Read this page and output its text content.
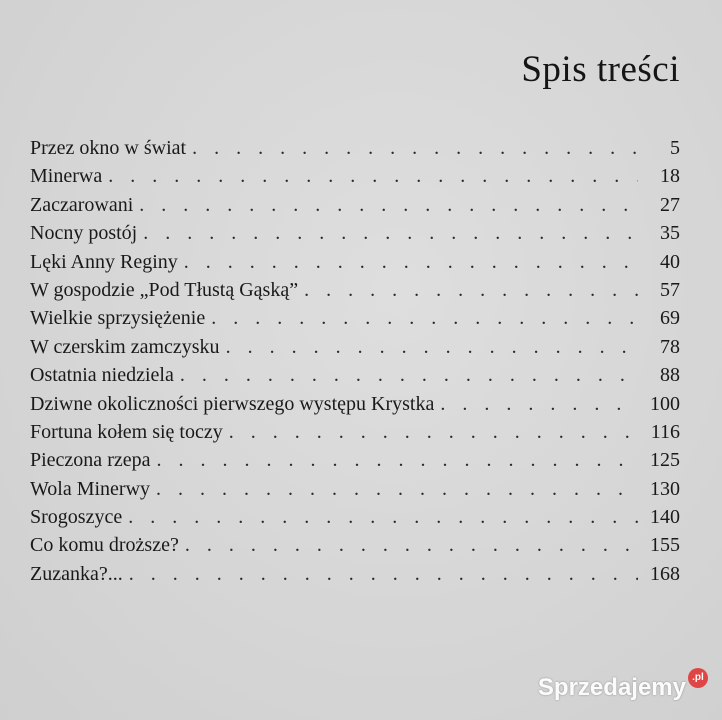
Spis treści
Przez okno w świat . . .	5
Minerwa . . .	18
Zaczarowani . . .	27
Nocny postój . . .	35
Lęki Anny Reginy . . .	40
W gospodzie „Pod Tłustą Gąską” . . .	57
Wielkie sprzysiężenie . . .	69
W czerskim zamczysku . . .	78
Ostatnia niedziela . . .	88
Dziwne okoliczności pierwszego występu Krystka . . .	100
Fortuna kołem się toczy . . .	116
Pieczona rzepa . . .	125
Wola Minerwy . . .	130
Srogoszyce . . .	140
Co komu droższe? . . .	155
Zuzanka?... . . .	168
Sprzedajemy .pl
